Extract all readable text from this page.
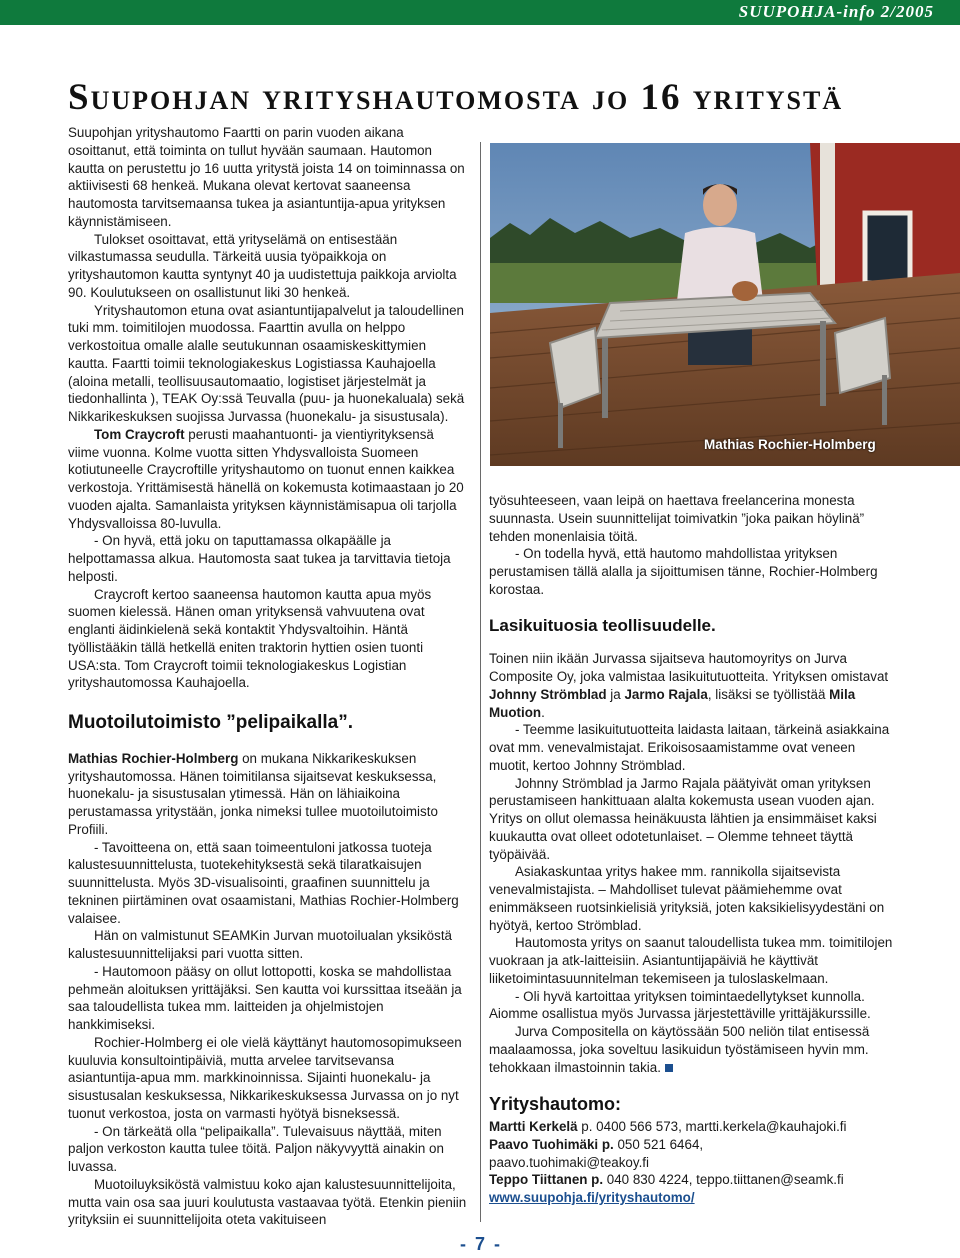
SUUPOHJA-info 2/2005
Suupohjan yrityshautomosta jo 16 yritystä

Suupohjan yrityshautomo Faartti on parin vuoden aikana osoittanut, että toiminta on tullut hyvään saumaan. Hautomon kautta on perustettu jo 16 uutta yritystä joista 14 on toiminnassa on aktiivisesti 68 henkeä. Mukana olevat kertovat saaneensa hautomosta tarvitsemaansa tukea ja asiantuntija-apua yrityksen käynnistämiseen.

Tulokset osoittavat, että yrityselämä on entisestään vilkastumassa seudulla. Tärkeitä uusia työpaikkoja on yrityshautomon kautta syntynyt 40 ja uudistettuja paikkoja arviolta 90. Koulutukseen on osallistunut liki 30 henkeä.

Yrityshautomon etuna ovat asiantuntijapalvelut ja taloudellinen tuki mm. toimitilojen muodossa. Faarttin avulla on helppo verkostoitua omalle alalle seutukunnan osaamiskeskittymien kautta. Faartti toimii teknologiakeskus Logistiassa Kauhajoella (aloina metalli, teollisuusautomaatio, logistiset järjestelmät ja tiedonhallinta ), TEAK Oy:ssä Teuvalla (puu- ja huonekaluala) sekä Nikkarikeskuksen suojissa Jurvassa (huonekalu- ja sisustusala).

Tom Craycroft perusti maahantuonti- ja vientiyrityksensä viime vuonna. Kolme vuotta sitten Yhdysvalloista Suomeen kotiutuneelle Craycroftille yrityshautomo on tuonut ennen kaikkea verkostoja. Yrittämisestä hänellä on kokemusta kotimaastaan jo 20 vuoden ajalta. Samanlaista yrityksen käynnistämisapua oli tarjolla Yhdysvalloissa 80-luvulla.

- On hyvä, että joku on taputtamassa olkapäälle ja helpottamassa alkua. Hautomosta saat tukea ja tarvittavia tietoja helposti.

Craycroft kertoo saaneensa hautomon kautta apua myös suomen kielessä. Hänen oman yrityksensä vahvuutena ovat englanti äidinkielenä sekä kontaktit Yhdysvaltoihin. Häntä työllistääkin tällä hetkellä eniten traktorin hyttien osien tuonti USA:sta. Tom Craycroft toimii teknologiakeskus Logistian yrityshautomossa Kauhajoella.

Muotoilutoimisto ”pelipaikalla”.

Mathias Rochier-Holmberg on mukana Nikkarikeskuksen yrityshautomossa. Hänen toimitilansa sijaitsevat keskuksessa, huonekalu- ja sisustusalan ytimessä. Hän on lähiaikoina perustamassa yritystään, jonka nimeksi tullee muotoilutoimisto Profiili.

- Tavoitteena on, että saan toimeentuloni jatkossa tuoteja kalustesuunnittelusta, tuotekehityksestä sekä tilaratkaisujen suunnittelusta. Myös 3D-visualisointi, graafinen suunnittelu ja tekninen piirtäminen ovat osaamistani, Mathias Rochier-Holmberg valaisee.

Hän on valmistunut SEAMKin Jurvan muotoilualan yksiköstä kalustesuunnittelijaksi pari vuotta sitten.

- Hautomoon pääsy on ollut lottopotti, koska se mahdollistaa pehmeän aloituksen yrittäjäksi. Sen kautta voi kurssittaa itseään ja saa taloudellista tukea mm. laitteiden ja ohjelmistojen hankkimiseksi.

Rochier-Holmberg ei ole vielä käyttänyt hautomosopimukseen kuuluvia konsultointipäiviä, mutta arvelee tarvitsevansa asiantuntija-apua mm. markkinoinnissa. Sijainti huonekalu- ja sisustusalan keskuksessa, Nikkarikeskuksessa Jurvassa on jo nyt tuonut verkostoa, josta on varmasti hyötyä bisneksessä.

- On tärkeätä olla “pelipaikalla”. Tulevaisuus näyttää, miten paljon verkoston kautta tulee töitä. Paljon näkyvyyttä ainakin on luvassa.

Muotoiluyksiköstä valmistuu koko ajan kalustesuunnittelijoita, mutta vain osa saa juuri koulutusta vastaavaa työtä. Etenkin pieniin yrityksiin ei suunnittelijoita oteta vakituiseen

Mathias Rochier-Holmberg

työsuhteeseen, vaan leipä on haettava freelancerina monesta suunnasta. Usein suunnittelijat toimivatkin ”joka paikan höylinä” tehden monenlaisia töitä.

- On todella hyvä, että hautomo mahdollistaa yrityksen perustamisen tällä alalla ja sijoittumisen tänne, Rochier-Holmberg korostaa.

Lasikuituosia teollisuudelle.

Toinen niin ikään Jurvassa sijaitseva hautomoyritys on Jurva Composite Oy, joka valmistaa lasikuitutuotteita. Yrityksen omistavat Johnny Strömblad ja Jarmo Rajala, lisäksi se työllistää Mila Muotion.

- Teemme lasikuitutuotteita laidasta laitaan, tärkeinä asiakkaina ovat mm. venevalmistajat. Erikoisosaamistamme ovat veneen muotit, kertoo Johnny Strömblad.

Johnny Strömblad ja Jarmo Rajala päätyivät oman yrityksen perustamiseen hankittuaan alalta kokemusta usean vuoden ajan. Yritys on ollut olemassa heinäkuusta lähtien ja ensimmäiset kaksi kuukautta ovat olleet odotetunlaiset. – Olemme tehneet täyttä työpäivää.

Asiakaskuntaa yritys hakee mm. rannikolla sijaitsevista venevalmistajista. – Mahdolliset tulevat päämiehemme ovat enimmäkseen ruotsinkielisiä yrityksiä, joten kaksikielisyydestäni on hyötyä, kertoo Strömblad.

Hautomosta yritys on saanut taloudellista tukea mm. toimitilojen vuokraan ja atk-laitteisiin. Asiantuntijapäiviä he käyttivät liiketoimintasuunnitelman tekemiseen ja tuloslaskelmaan.

- Oli hyvä kartoittaa yrityksen toimintaedellytykset kunnolla. Aiomme osallistua myös Jurvassa järjestettäville yrittäjäkurssille.

Jurva Compositella on käytössään 500 neliön tilat entisessä maalaamossa, joka soveltuu lasikuidun työstämiseen hyvin mm. tehokkaan ilmastoinnin takia.

Yrityshautomo:

Martti Kerkelä p. 0400 566 573, martti.kerkela@kauhajoki.fi

Paavo Tuohimäki p. 050 521 6464,

paavo.tuohimaki@teakoy.fi

Teppo Tiittanen p. 040 830 4224, teppo.tiittanen@seamk.fi

www.suupohja.fi/yrityshautomo/

- 7 -
